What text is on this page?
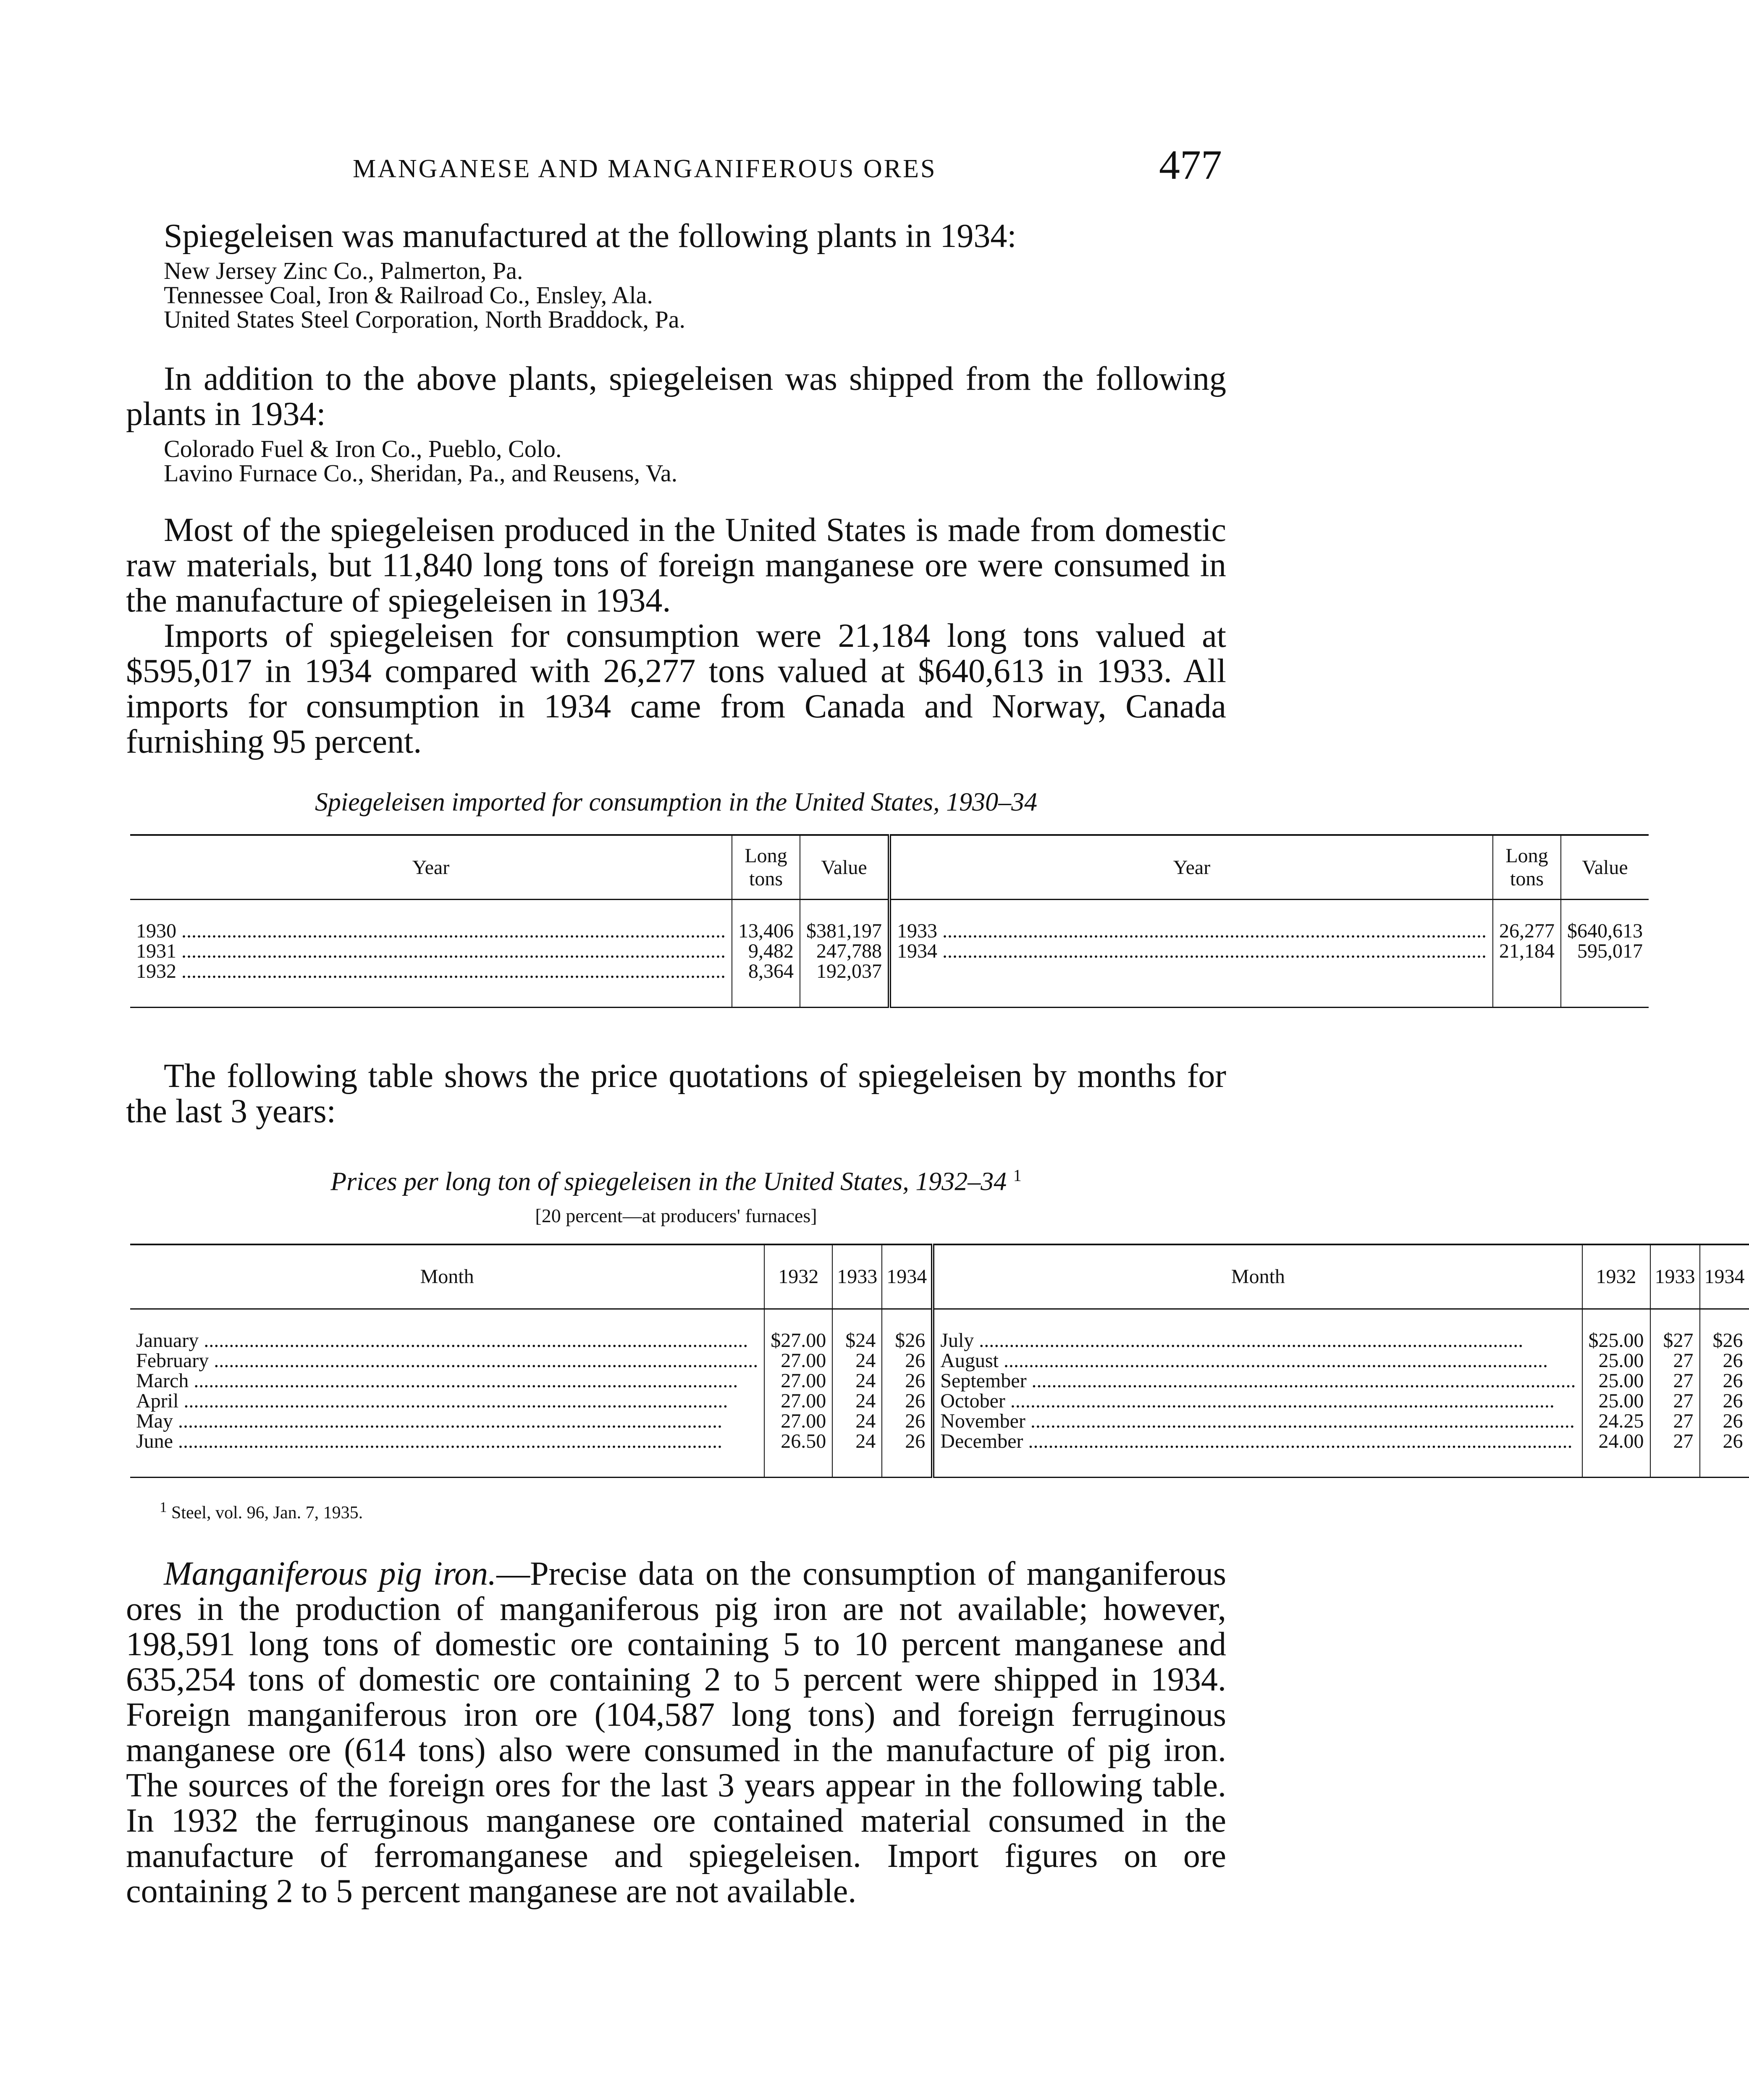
MANGANESE AND MANGANIFEROUS ORES	477

Spiegeleisen was manufactured at the following plants in 1934:

New Jersey Zinc Co., Palmerton, Pa.
Tennessee Coal, Iron & Railroad Co., Ensley, Ala.
United States Steel Corporation, North Braddock, Pa.

In addition to the above plants, spiegeleisen was shipped from the following plants in 1934:

Colorado Fuel & Iron Co., Pueblo, Colo.
Lavino Furnace Co., Sheridan, Pa., and Reusens, Va.

Most of the spiegeleisen produced in the United States is made from domestic raw materials, but 11,840 long tons of foreign manganese ore were consumed in the manufacture of spiegeleisen in 1934.

Imports of spiegeleisen for consumption were 21,184 long tons valued at $595,017 in 1934 compared with 26,277 tons valued at $640,613 in 1933. All imports for consumption in 1934 came from Canada and Norway, Canada furnishing 95 percent.

Spiegeleisen imported for consumption in the United States, 1930–34
Year	Long tons	Value	Year	Long tons	Value

1930 .....	13,406	$381,197	1933 .....	26,277	$640,613

1931 .....	9,482	247,788	1934 .....	21,184	595,017

1932 .....	8,364	192,037			

The following table shows the price quotations of spiegeleisen by months for the last 3 years:

Prices per long ton of spiegeleisen in the United States, 1932–34 $^1$
[20 percent—at producers' furnaces]
Month	1932	1933	1934	Month	1932	1933	1934

January .....	$27.00	$24	$26	July .....	$25.00	$27	$26

February .....	27.00	24	26	August .....	25.00	27	26

March .....	27.00	24	26	September .....	25.00	27	26

April .....	27.00	24	26	October .....	25.00	27	26

May .....	27.00	24	26	November .....	24.25	27	26

June .....	26.50	24	26	December .....	24.00	27	26
$^1$ Steel, vol. 96, Jan. 7, 1935.

Manganiferous pig iron.—Precise data on the consumption of manganiferous ores in the production of manganiferous pig iron are not available; however, 198,591 long tons of domestic ore containing 5 to 10 percent manganese and 635,254 tons of domestic ore containing 2 to 5 percent were shipped in 1934. Foreign manganiferous iron ore (104,587 long tons) and foreign ferruginous manganese ore (614 tons) also were consumed in the manufacture of pig iron. The sources of the foreign ores for the last 3 years appear in the following table. In 1932 the ferruginous manganese ore contained material consumed in the manufacture of ferromanganese and spiegeleisen. Import figures on ore containing 2 to 5 percent manganese are not available.
